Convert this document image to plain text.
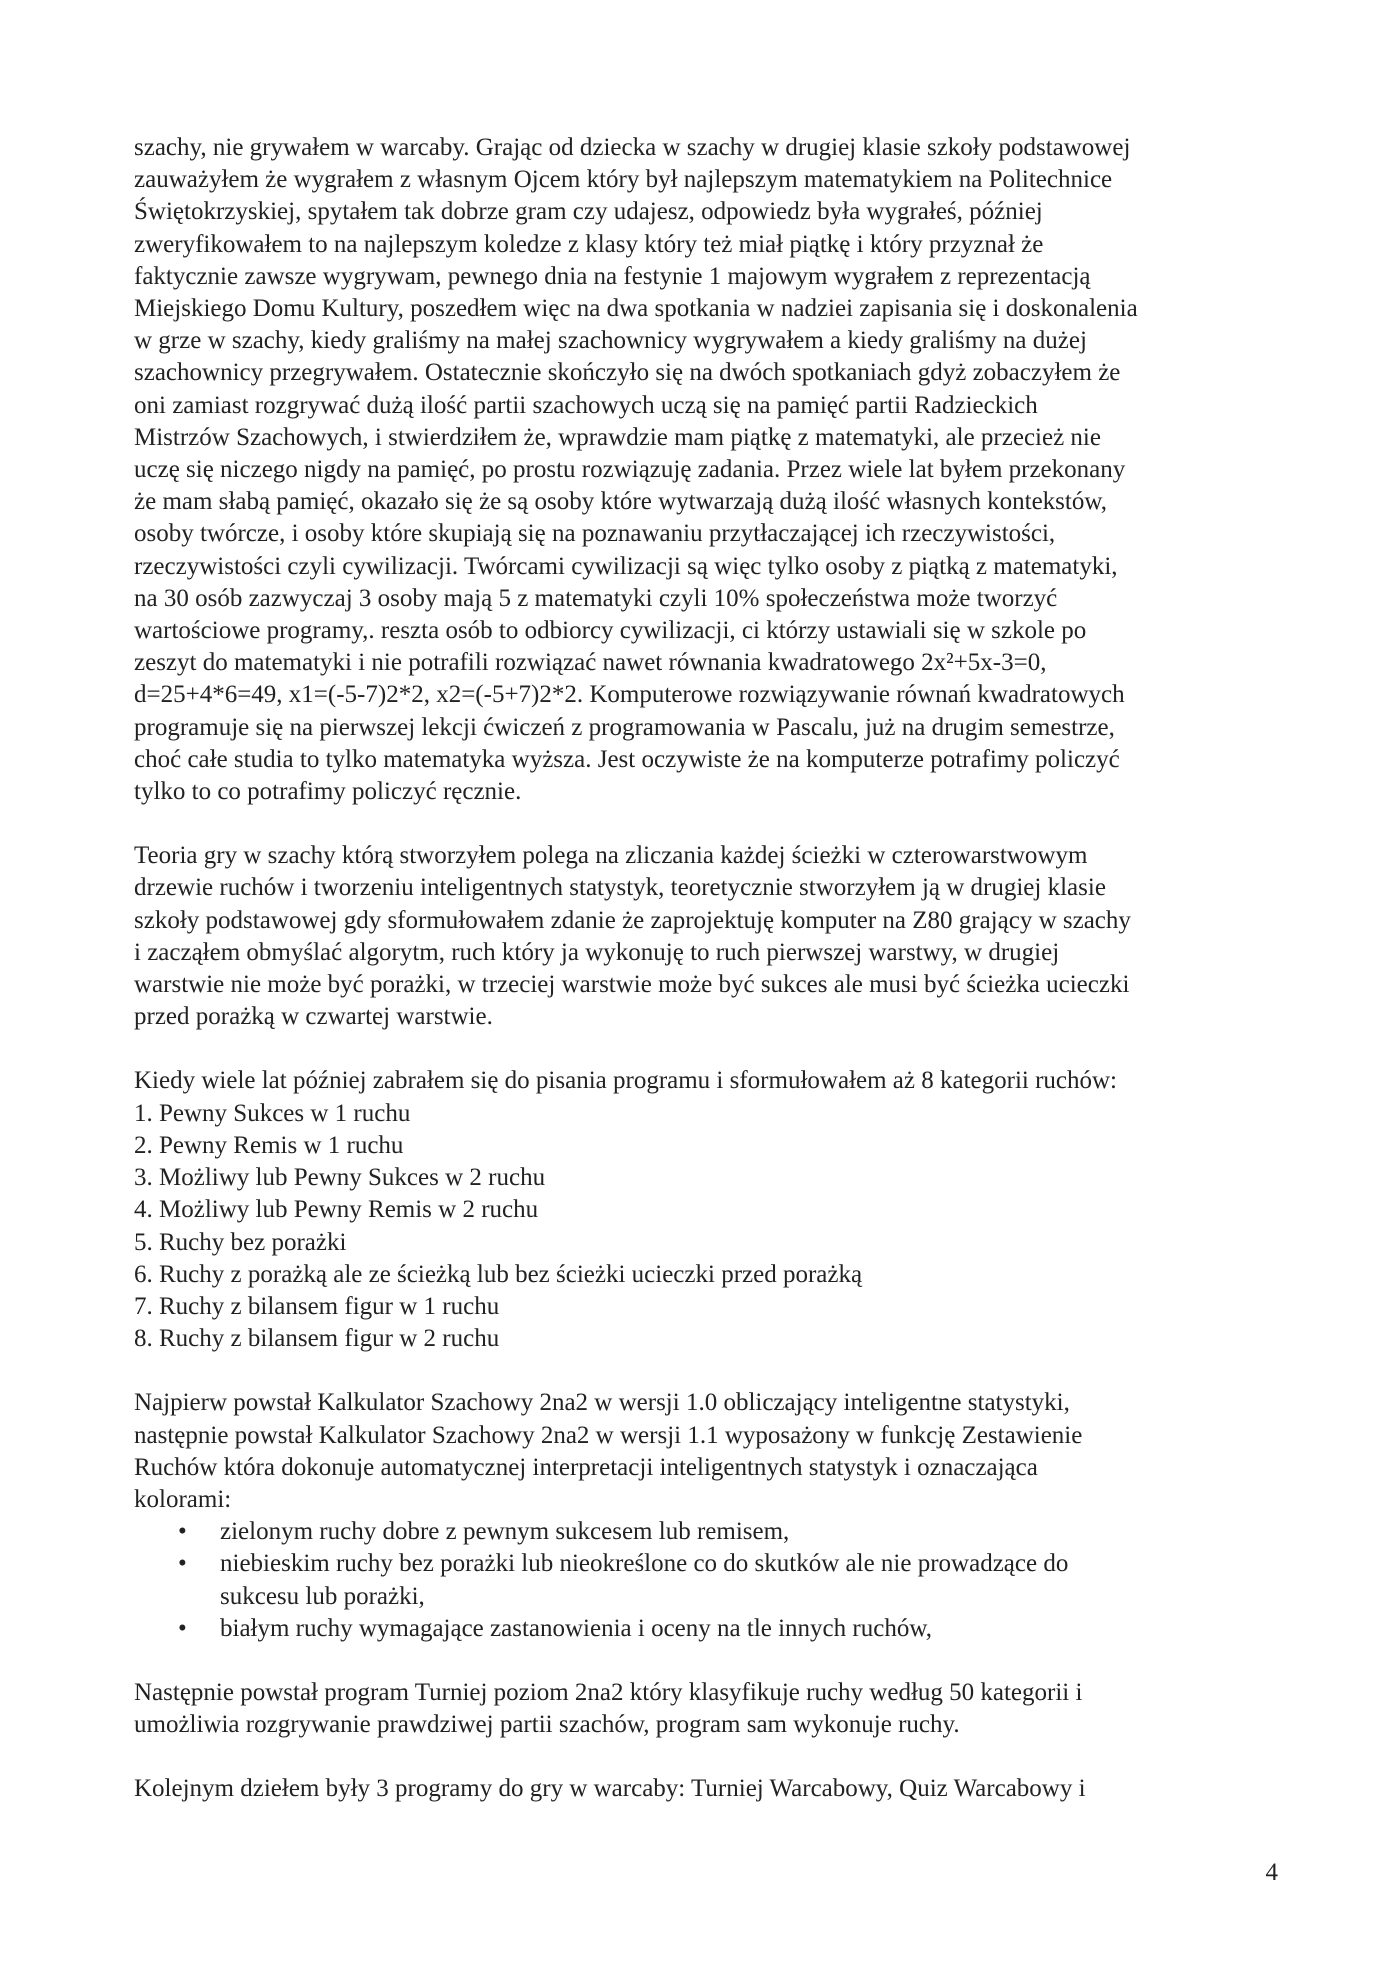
szachy, nie grywałem w warcaby. Grając od dziecka w szachy w drugiej klasie szkoły podstawowej
zauważyłem że wygrałem z własnym Ojcem który był najlepszym matematykiem na Politechnice
Świętokrzyskiej, spytałem tak dobrze gram czy udajesz, odpowiedz była wygrałeś, później
zweryfikowałem to na najlepszym koledze z klasy który też miał piątkę i który przyznał że
faktycznie zawsze wygrywam, pewnego dnia na festynie 1 majowym wygrałem z reprezentacją
Miejskiego Domu Kultury, poszedłem więc na dwa spotkania w nadziei zapisania się i doskonalenia
w grze w szachy, kiedy graliśmy na małej szachownicy wygrywałem a kiedy graliśmy na dużej
szachownicy przegrywałem. Ostatecznie skończyło się na dwóch spotkaniach gdyż zobaczyłem że
oni zamiast rozgrywać dużą ilość partii szachowych uczą się na pamięć partii Radzieckich
Mistrzów Szachowych, i stwierdziłem że, wprawdzie mam piątkę z matematyki, ale przecież nie
uczę się niczego nigdy na pamięć, po prostu rozwiązuję zadania. Przez wiele lat byłem przekonany
że mam słabą pamięć, okazało się że są osoby które wytwarzają dużą ilość własnych kontekstów,
osoby twórcze, i osoby które skupiają się na poznawaniu przytłaczającej ich rzeczywistości,
rzeczywistości czyli cywilizacji. Twórcami cywilizacji są więc tylko osoby z piątką z matematyki,
na 30 osób zazwyczaj 3 osoby mają 5 z matematyki czyli 10% społeczeństwa może tworzyć
wartościowe programy,. reszta osób to odbiorcy cywilizacji, ci którzy ustawiali się w szkole po
zeszyt do matematyki i nie potrafili rozwiązać nawet równania kwadratowego 2x²+5x-3=0,
d=25+4*6=49, x1=(-5-7)2*2, x2=(-5+7)2*2. Komputerowe rozwiązywanie równań kwadratowych
programuje się na pierwszej lekcji ćwiczeń z programowania w Pascalu, już na drugim semestrze,
choć całe studia to tylko matematyka wyższa. Jest oczywiste że na komputerze potrafimy policzyć
tylko to co potrafimy policzyć ręcznie.

Teoria gry w szachy którą stworzyłem polega na zliczania każdej ścieżki w czterowarstwowym
drzewie ruchów i tworzeniu inteligentnych statystyk, teoretycznie stworzyłem ją w drugiej klasie
szkoły podstawowej gdy sformułowałem zdanie że zaprojektuję komputer na Z80 grający w szachy
i zacząłem obmyślać algorytm, ruch który ja wykonuję to ruch pierwszej warstwy, w drugiej
warstwie nie może być porażki, w trzeciej warstwie może być sukces ale musi być ścieżka ucieczki
przed porażką w czwartej warstwie.

Kiedy wiele lat później zabrałem się do pisania programu i sformułowałem aż 8 kategorii ruchów:

1. Pewny Sukces w 1 ruchu
2. Pewny Remis w 1 ruchu
3. Możliwy lub Pewny Sukces w 2 ruchu
4. Możliwy lub Pewny Remis w 2 ruchu
5. Ruchy bez porażki
6. Ruchy z porażką ale ze ścieżką lub bez ścieżki ucieczki przed porażką
7. Ruchy z bilansem figur w 1 ruchu
8. Ruchy z bilansem figur w 2 ruchu

Najpierw powstał Kalkulator Szachowy 2na2 w wersji 1.0 obliczający inteligentne statystyki,
następnie powstał Kalkulator Szachowy 2na2 w wersji 1.1 wyposażony w funkcję Zestawienie
Ruchów która dokonuje automatycznej interpretacji inteligentnych statystyk i oznaczająca
kolorami:

• zielonym ruchy dobre z pewnym sukcesem lub remisem,
• niebieskim ruchy bez porażki lub nieokreślone co do skutków ale nie prowadzące do
sukcesu lub porażki,
• białym ruchy wymagające zastanowienia i oceny na tle innych ruchów,

Następnie powstał program Turniej poziom 2na2 który klasyfikuje ruchy według 50 kategorii i
umożliwia rozgrywanie prawdziwej partii szachów, program sam wykonuje ruchy.

Kolejnym dziełem były 3 programy do gry w warcaby: Turniej Warcabowy, Quiz Warcabowy i

4
